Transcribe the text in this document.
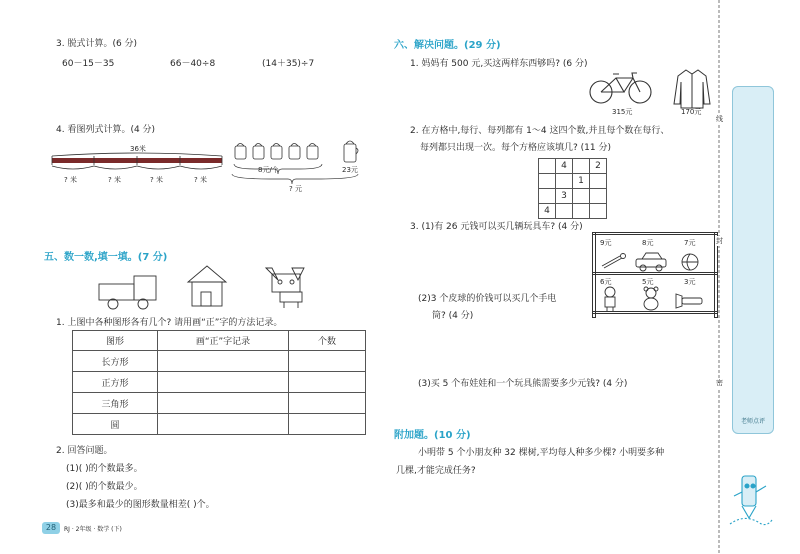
3. 脱式计算。(6 分)
60－15－35	66－40÷8	(14＋35)÷7
4. 看图列式计算。(4 分)
36米
? 米	? 米	? 米	? 米
8元/个
? 元
23元
五、数一数,填一填。(7 分)
1. 上图中各种图形各有几个? 请用画“正”字的方法记录。
图形	画“正”字记录	个数
长方形		
正方形		
三角形		
圆		
2. 回答问题。
(1)( )的个数最多。
(2)( )的个数最少。
(3)最多和最少的图形数量相差( )个。
28	RJ · 2年级 · 数学 (下)
六、解决问题。(29 分)
1. 妈妈有 500 元,买这两样东西够吗? (6 分)
315元	170元
2. 在方格中,每行、每列都有 1～4 这四个数,并且每个数在每行、
每列都只出现一次。每个方格应该填几? (11 分)
	4		2
		1	
	3		
4			
3. (1)有 26 元钱可以买几辆玩具车? (4 分)
9元	8元	7元
6元	5元	3元
(2)3 个皮球的价钱可以买几个手电
筒? (4 分)
(3)买 5 个布娃娃和一个玩具熊需要多少元钱? (4 分)
附加题。(10 分)
小明带 5 个小朋友种 32 棵树,平均每人种多少棵? 小明要多种
几棵,才能完成任务?
线
封
密
老师点评
